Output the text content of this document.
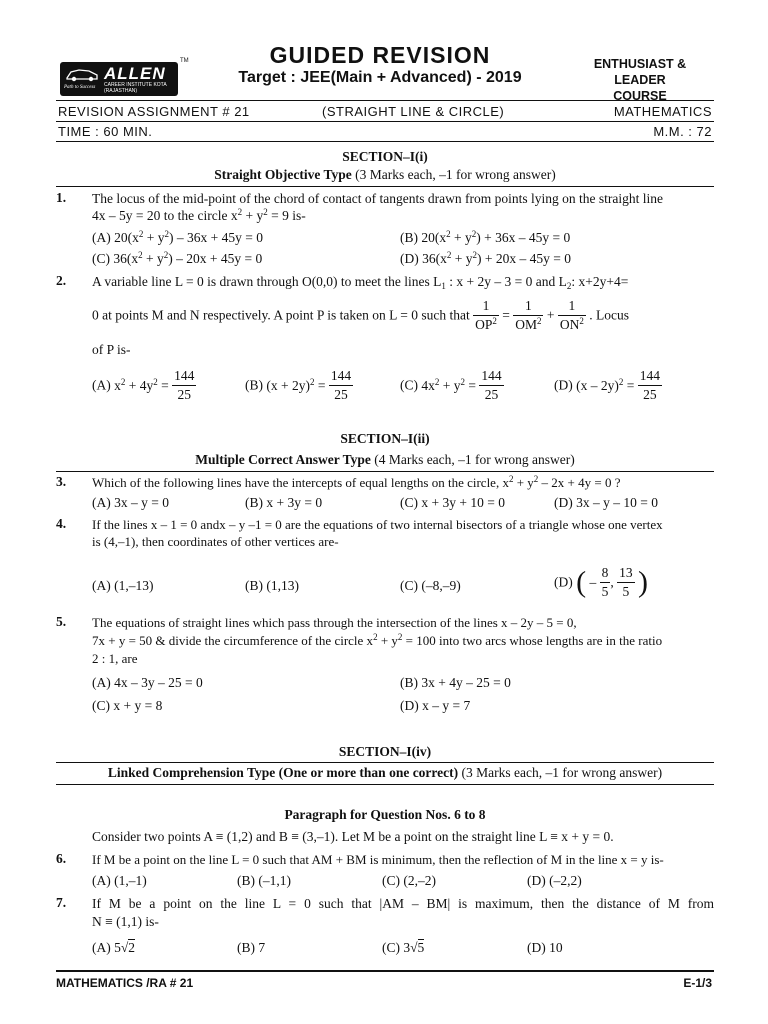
ALLEN
CAREER INSTITUTE KOTA (RAJASTHAN)
Path to Success
TM	GUIDED REVISION
Target : JEE(Main + Advanced) - 2019
ENTHUSIAST & LEADER
COURSE
REVISION ASSIGNMENT # 21	(STRAIGHT LINE & CIRCLE)	MATHEMATICS
TIME : 60 MIN.	M.M. : 72
SECTION–I(i)
Straight Objective Type (3 Marks each, –1 for wrong answer)
1. The locus of the mid-point of the chord of contact of tangents drawn from points lying on the straight line
4x – 5y = 20 to the circle $x^2 + y^2 = 9$ is-
(A) $20(x^2 + y^2) - 36x + 45y = 0$	(B) $20(x^2 + y^2) + 36x - 45y = 0$
(C) $36(x^2 + y^2) - 20x + 45y = 0$	(D) $36(x^2 + y^2) + 20x - 45y = 0$
2. A variable line L = 0 is drawn through O(0,0) to meet the lines $L_1$ : x + 2y – 3 = 0 and $L_2$: x+2y+4=
0 at points M and N respectively. A point P is taken on L = 0 such that $\frac{1}{OP^2} = \frac{1}{OM^2} + \frac{1}{ON^2}$ . Locus
of P is-
(A) $x^2 + 4y^2 = \frac{144}{25}$	(B) $(x + 2y)^2 = \frac{144}{25}$	(C) $4x^2 + y^2 = \frac{144}{25}$	(D) $(x - 2y)^2 = \frac{144}{25}$
SECTION–I(ii)
Multiple Correct Answer Type (4 Marks each, –1 for wrong answer)
3. Which of the following lines have the intercepts of equal lengths on the circle, $x^2 + y^2 - 2x + 4y = 0$ ?
(A) 3x – y = 0	(B) x + 3y = 0	(C) x + 3y + 10 = 0	(D) 3x – y – 10 = 0
4. If the lines x – 1 = 0 andx – y –1 = 0 are the equations of two internal bisectors of a triangle whose one vertex
is (4,–1), then coordinates of other vertices are-
(A) (1,–13)	(B) (1,13)	(C) (–8,–9)	(D) ( – $\frac{8}{5}$ , $\frac{13}{5}$ )
5. The equations of straight lines which pass through the intersection of the lines x – 2y – 5 = 0,
7x + y = 50 & divide the circumference of the circle $x^2 + y^2 = 100$ into two arcs whose lengths are in the ratio
2 : 1, are
(A) 4x – 3y – 25 = 0	(B) 3x + 4y – 25 = 0
(C) x + y = 8	(D) x – y = 7
SECTION–I(iv)
Linked Comprehension Type (One or more than one correct) (3 Marks each, –1 for wrong answer)
Paragraph for Question Nos. 6 to 8
Consider two points A ≡ (1,2) and B ≡ (3,–1). Let M be a point on the straight line L ≡ x + y = 0.
6. If M be a point on the line L = 0 such that AM + BM is minimum, then the reflection of M in the line x = y is-
(A) (1,–1)	(B) (–1,1)	(C) (2,–2)	(D) (–2,2)
7. If M be a point on the line L = 0 such that |AM – BM| is maximum, then the distance of M from
N ≡ (1,1) is-
(A) 5√2	(B) 7	(C) 3√5	(D) 10
MATHEMATICS /RA # 21	E-1/3
